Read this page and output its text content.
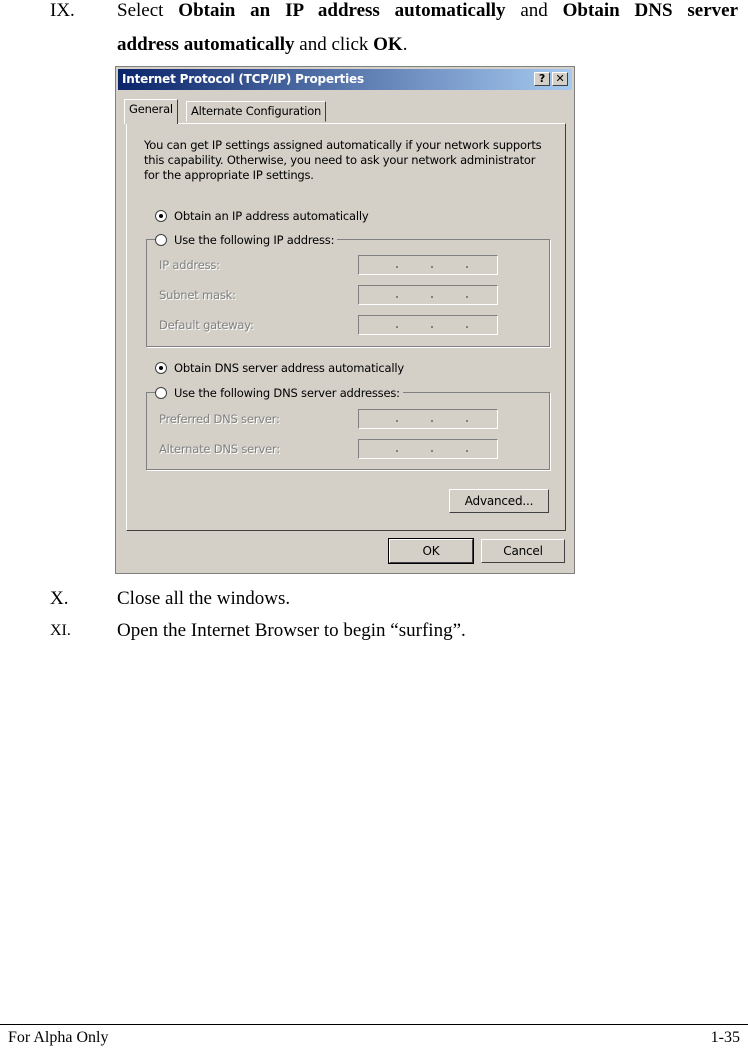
IX. Select Obtain an IP address automatically and Obtain DNS server
address automatically and click OK.
Internet Protocol (TCP/IP) Properties	? ✕
General	Alternate Configuration
You can get IP settings assigned automatically if your network supports this capability. Otherwise, you need to ask your network administrator for the appropriate IP settings.
Obtain an IP address automatically
Use the following IP address:
IP address:
Subnet mask:
Default gateway:
Obtain DNS server address automatically
Use the following DNS server addresses:
Preferred DNS server:
Alternate DNS server:
Advanced...
OK	Cancel
X.	Close all the windows.
XI. Open the Internet Browser to begin “surfing”.
For Alpha Only	1-35
